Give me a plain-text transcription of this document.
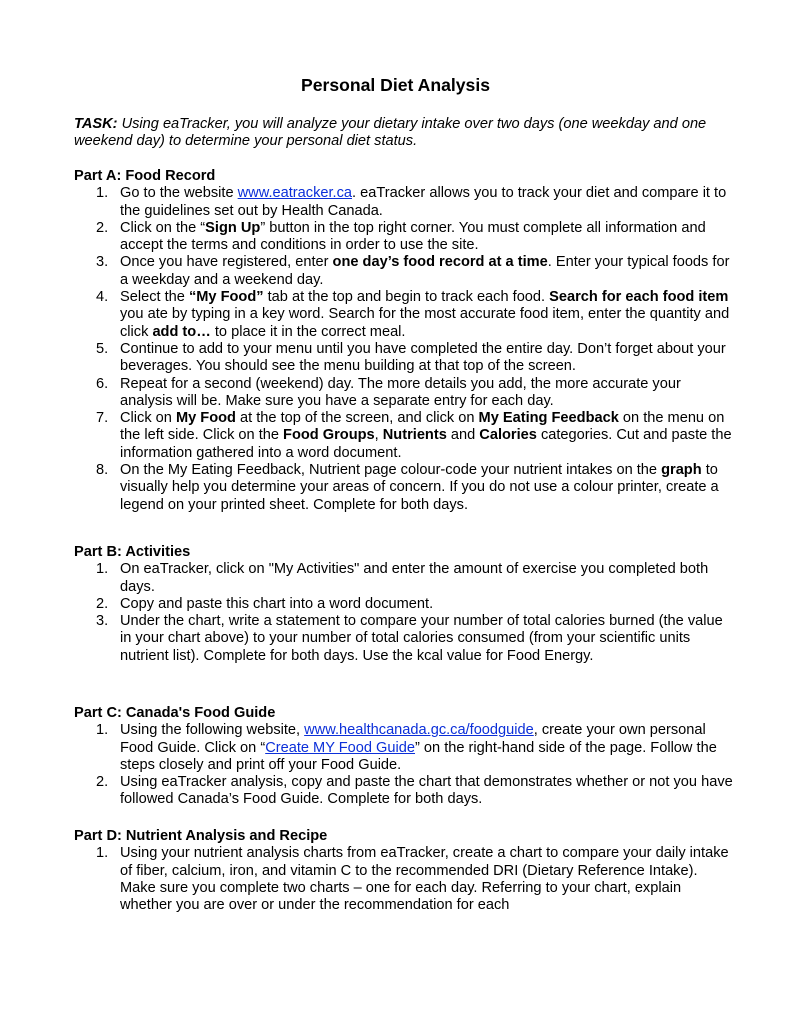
Personal Diet Analysis
TASK: Using eaTracker, you will analyze your dietary intake over two days (one weekday and one weekend day) to determine your personal diet status.
Part A: Food Record
1. Go to the website www.eatracker.ca. eaTracker allows you to track your diet and compare it to the guidelines set out by Health Canada.
2. Click on the “Sign Up” button in the top right corner. You must complete all information and accept the terms and conditions in order to use the site.
3. Once you have registered, enter one day’s food record at a time. Enter your typical foods for a weekday and a weekend day.
4. Select the “My Food” tab at the top and begin to track each food. Search for each food item you ate by typing in a key word. Search for the most accurate food item, enter the quantity and click add to… to place it in the correct meal.
5. Continue to add to your menu until you have completed the entire day. Don’t forget about your beverages. You should see the menu building at that top of the screen.
6. Repeat for a second (weekend) day. The more details you add, the more accurate your analysis will be. Make sure you have a separate entry for each day.
7. Click on My Food at the top of the screen, and click on My Eating Feedback on the menu on the left side. Click on the Food Groups, Nutrients and Calories categories. Cut and paste the information gathered into a word document.
8. On the My Eating Feedback, Nutrient page colour-code your nutrient intakes on the graph to visually help you determine your areas of concern. If you do not use a colour printer, create a legend on your printed sheet. Complete for both days.
Part B: Activities
1. On eaTracker, click on "My Activities" and enter the amount of exercise you completed both days.
2. Copy and paste this chart into a word document.
3. Under the chart, write a statement to compare your number of total calories burned (the value in your chart above) to your number of total calories consumed (from your scientific units nutrient list). Complete for both days. Use the kcal value for Food Energy.
Part C: Canada's Food Guide
1. Using the following website, www.healthcanada.gc.ca/foodguide, create your own personal Food Guide. Click on “Create MY Food Guide” on the right-hand side of the page. Follow the steps closely and print off your Food Guide.
2. Using eaTracker analysis, copy and paste the chart that demonstrates whether or not you have followed Canada’s Food Guide. Complete for both days.
Part D: Nutrient Analysis and Recipe
1. Using your nutrient analysis charts from eaTracker, create a chart to compare your daily intake of fiber, calcium, iron, and vitamin C to the recommended DRI (Dietary Reference Intake). Make sure you complete two charts – one for each day. Referring to your chart, explain whether you are over or under the recommendation for each
